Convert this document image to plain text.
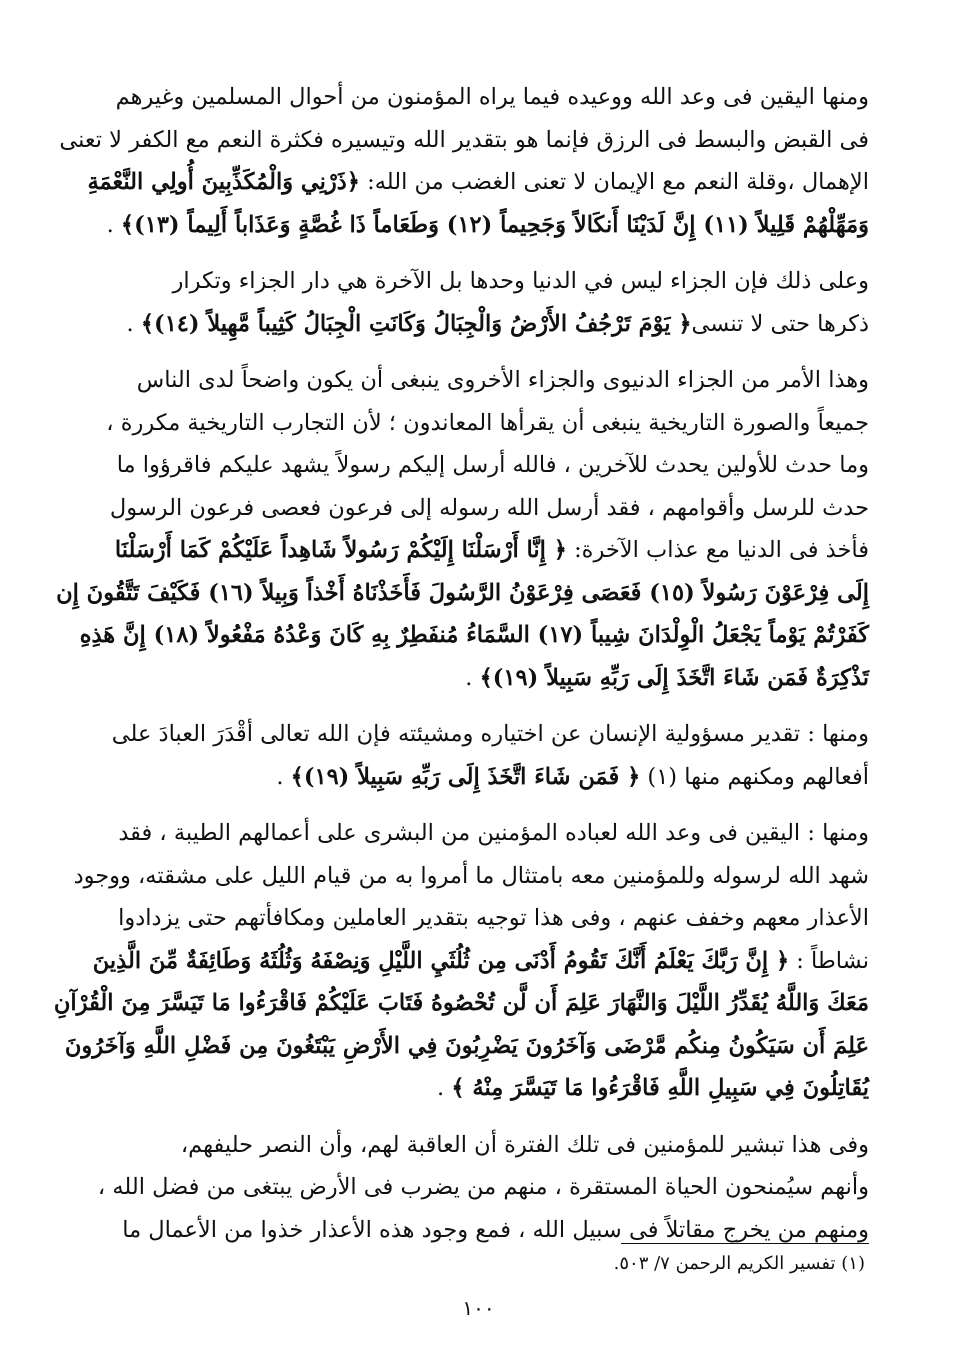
ومنها اليقين فى وعد الله ووعيده فيما يراه المؤمنون من أحوال المسلمين وغيرهم
فى القبض والبسط فى الرزق فإنما هو بتقدير الله وتيسيره فكثرة النعم مع الكفر لا تعنى
الإهمال ،وقلة النعم مع الإيمان لا تعنى الغضب من الله: ﴿ذَرْنِي وَالْمُكَذِّبِينَ أُولِي النَّعْمَةِ
وَمَهِّلْهُمْ قَلِيلاً (١١) إِنَّ لَدَيْنَا أَنكَالاً وَجَحِيماً (١٢) وَطَعَاماً ذَا غُصَّةٍ وَعَذَاباً أَلِيماً (١٣)﴾ .
وعلى ذلك فإن الجزاء ليس في الدنيا وحدها بل الآخرة هي دار الجزاء وتكرار
ذكرها حتى لا تنسى﴿ يَوْمَ تَرْجُفُ الأَرْضُ وَالْجِبَالُ وَكَانَتِ الْجِبَالُ كَثِيباً مَّهِيلاً (١٤)﴾ .
وهذا الأمر من الجزاء الدنيوى والجزاء الأخروى ينبغى أن يكون واضحاً لدى الناس
جميعاً والصورة التاريخية ينبغى أن يقرأها المعاندون ؛ لأن التجارب التاريخية مكررة ،
وما حدث للأولين يحدث للآخرين ، فالله أرسل إليكم رسولاً يشهد عليكم فاقرؤوا ما
حدث للرسل وأقوامهم ، فقد أرسل الله رسوله إلى فرعون فعصى فرعون الرسول
فأخذ فى الدنيا مع عذاب الآخرة: ﴿ إِنَّا أَرْسَلْنَا إِلَيْكُمْ رَسُولاً شَاهِداً عَلَيْكُمْ كَمَا أَرْسَلْنَا
إِلَى فِرْعَوْنَ رَسُولاً (١٥) فَعَصَى فِرْعَوْنُ الرَّسُولَ فَأَخَذْنَاهُ أَخْذاً وَبِيلاً (١٦) فَكَيْفَ تَتَّقُونَ إِن
كَفَرْتُمْ يَوْماً يَجْعَلُ الْوِلْدَانَ شِيباً (١٧) السَّمَاءُ مُنفَطِرٌ بِهِ كَانَ وَعْدُهُ مَفْعُولاً (١٨) إِنَّ هَذِهِ
تَذْكِرَةٌ فَمَن شَاءَ اتَّخَذَ إِلَى رَبِّهِ سَبِيلاً (١٩)﴾ .
ومنها : تقدير مسؤولية الإنسان عن اختياره ومشيئته فإن الله تعالى أقْدَرَ العبادَ على
أفعالهم ومكنهم منها (١) ﴿ فَمَن شَاءَ اتَّخَذَ إِلَى رَبِّهِ سَبِيلاً (١٩)﴾ .
ومنها : اليقين فى وعد الله لعباده المؤمنين من البشرى على أعمالهم الطيبة ، فقد
شهد الله لرسوله وللمؤمنين معه بامتثال ما أمروا به من قيام الليل على مشقته، ووجود
الأعذار معهم وخفف عنهم ، وفى هذا توجيه بتقدير العاملين ومكافأتهم حتى يزدادوا
نشاطاً : ﴿ إِنَّ رَبَّكَ يَعْلَمُ أَنَّكَ تَقُومُ أَدْنَى مِن ثُلُثَيِ اللَّيْلِ وَنِصْفَهُ وَثُلُثَهُ وَطَائِفَةٌ مِّنَ الَّذِينَ
مَعَكَ وَاللَّهُ يُقَدِّرُ اللَّيْلَ وَالنَّهَارَ عَلِمَ أَن لَّن تُحْصُوهُ فَتَابَ عَلَيْكُمْ فَاقْرَءُوا مَا تَيَسَّرَ مِنَ الْقُرْآنِ
عَلِمَ أَن سَيَكُونُ مِنكُم مَّرْضَى وَآخَرُونَ يَضْرِبُونَ فِي الأَرْضِ يَبْتَغُونَ مِن فَضْلِ اللَّهِ وَآخَرُونَ
يُقَاتِلُونَ فِي سَبِيلِ اللَّهِ فَاقْرَءُوا مَا تَيَسَّرَ مِنْهُ ﴾ .
وفى هذا تبشير للمؤمنين فى تلك الفترة أن العاقبة لهم، وأن النصر حليفهم،
وأنهم سيُمنحون الحياة المستقرة ، منهم من يضرب فى الأرض يبتغى من فضل الله ،
ومنهم من يخرج مقاتلاً فى سبيل الله ، فمع وجود هذه الأعذار خذوا من الأعمال ما
(١) تفسير الكريم الرحمن ٧/ ٥٠٣.
١٠٠
